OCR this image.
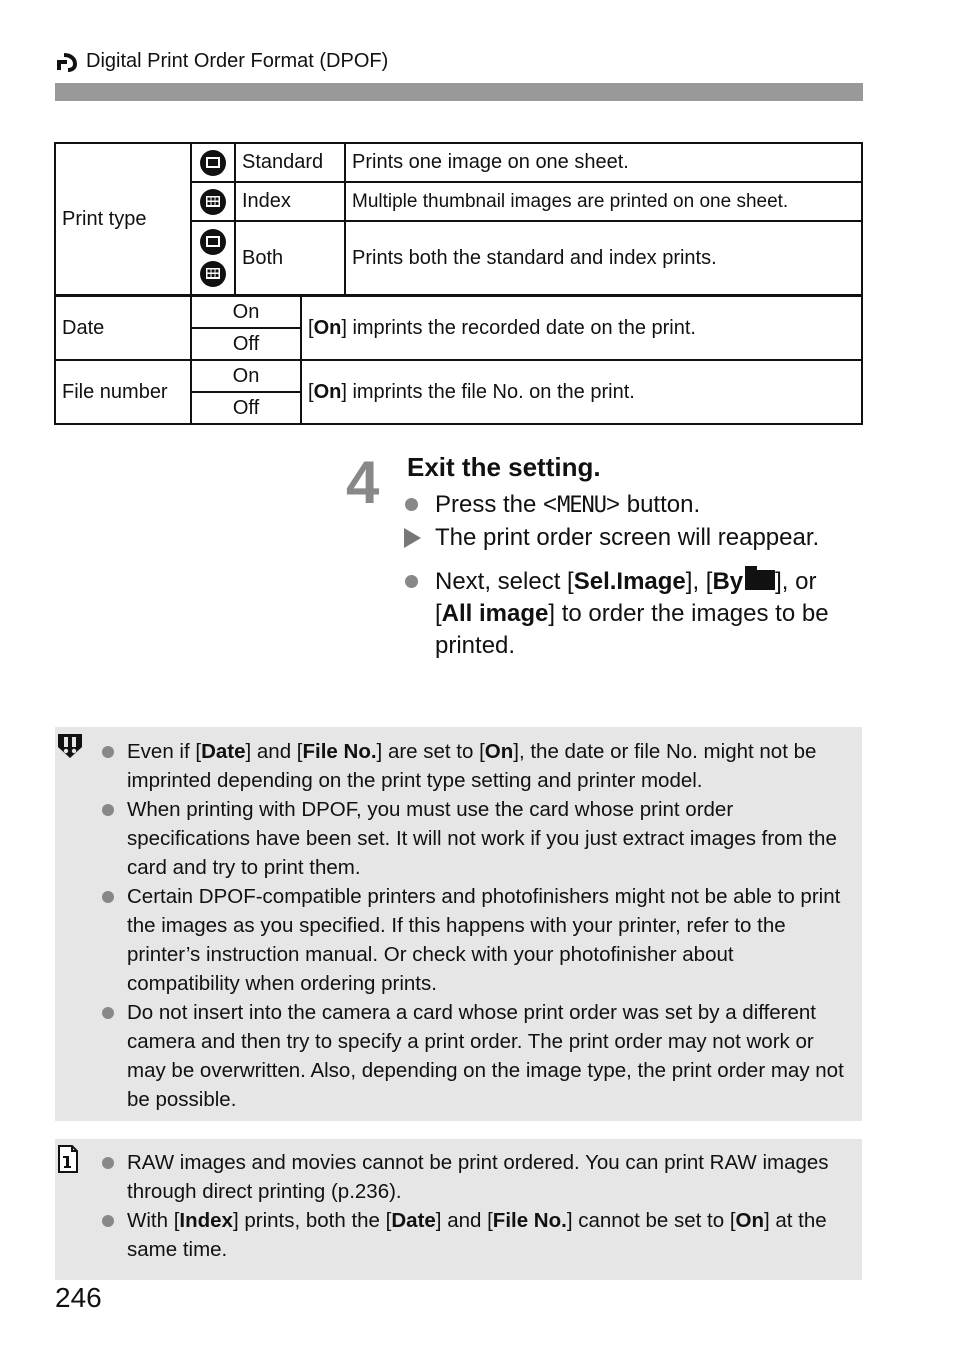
Digital Print Order Format (DPOF)
Print type		Standard	Prints one image on one sheet.

	Index	Multiple thumbnail images are printed on one sheet.

	Both	Prints both the standard and index prints.
Date	On	[On] imprints the recorded date on the print.
	Off	
File number	On	[On] imprints the file No. on the print.
	Off	
4 Exit the setting.
Press the <MENU> button.
The print order screen will reappear.
Next, select [Sel.Image], [By ], or
[All image] to order the images to be
printed.
Even if [Date] and [File No.] are set to [On], the date or file No. might not be imprinted depending on the print type setting and printer model.
When printing with DPOF, you must use the card whose print order specifications have been set. It will not work if you just extract images from the card and try to print them.
Certain DPOF-compatible printers and photofinishers might not be able to print the images as you specified. If this happens with your printer, refer to the printer’s instruction manual. Or check with your photofinisher about compatibility when ordering prints.
Do not insert into the camera a card whose print order was set by a different camera and then try to specify a print order. The print order may not work or may be overwritten. Also, depending on the image type, the print order may not be possible.
RAW images and movies cannot be print ordered. You can print RAW images through direct printing (p.236).
With [Index] prints, both the [Date] and [File No.] cannot be set to [On] at the same time.
246
